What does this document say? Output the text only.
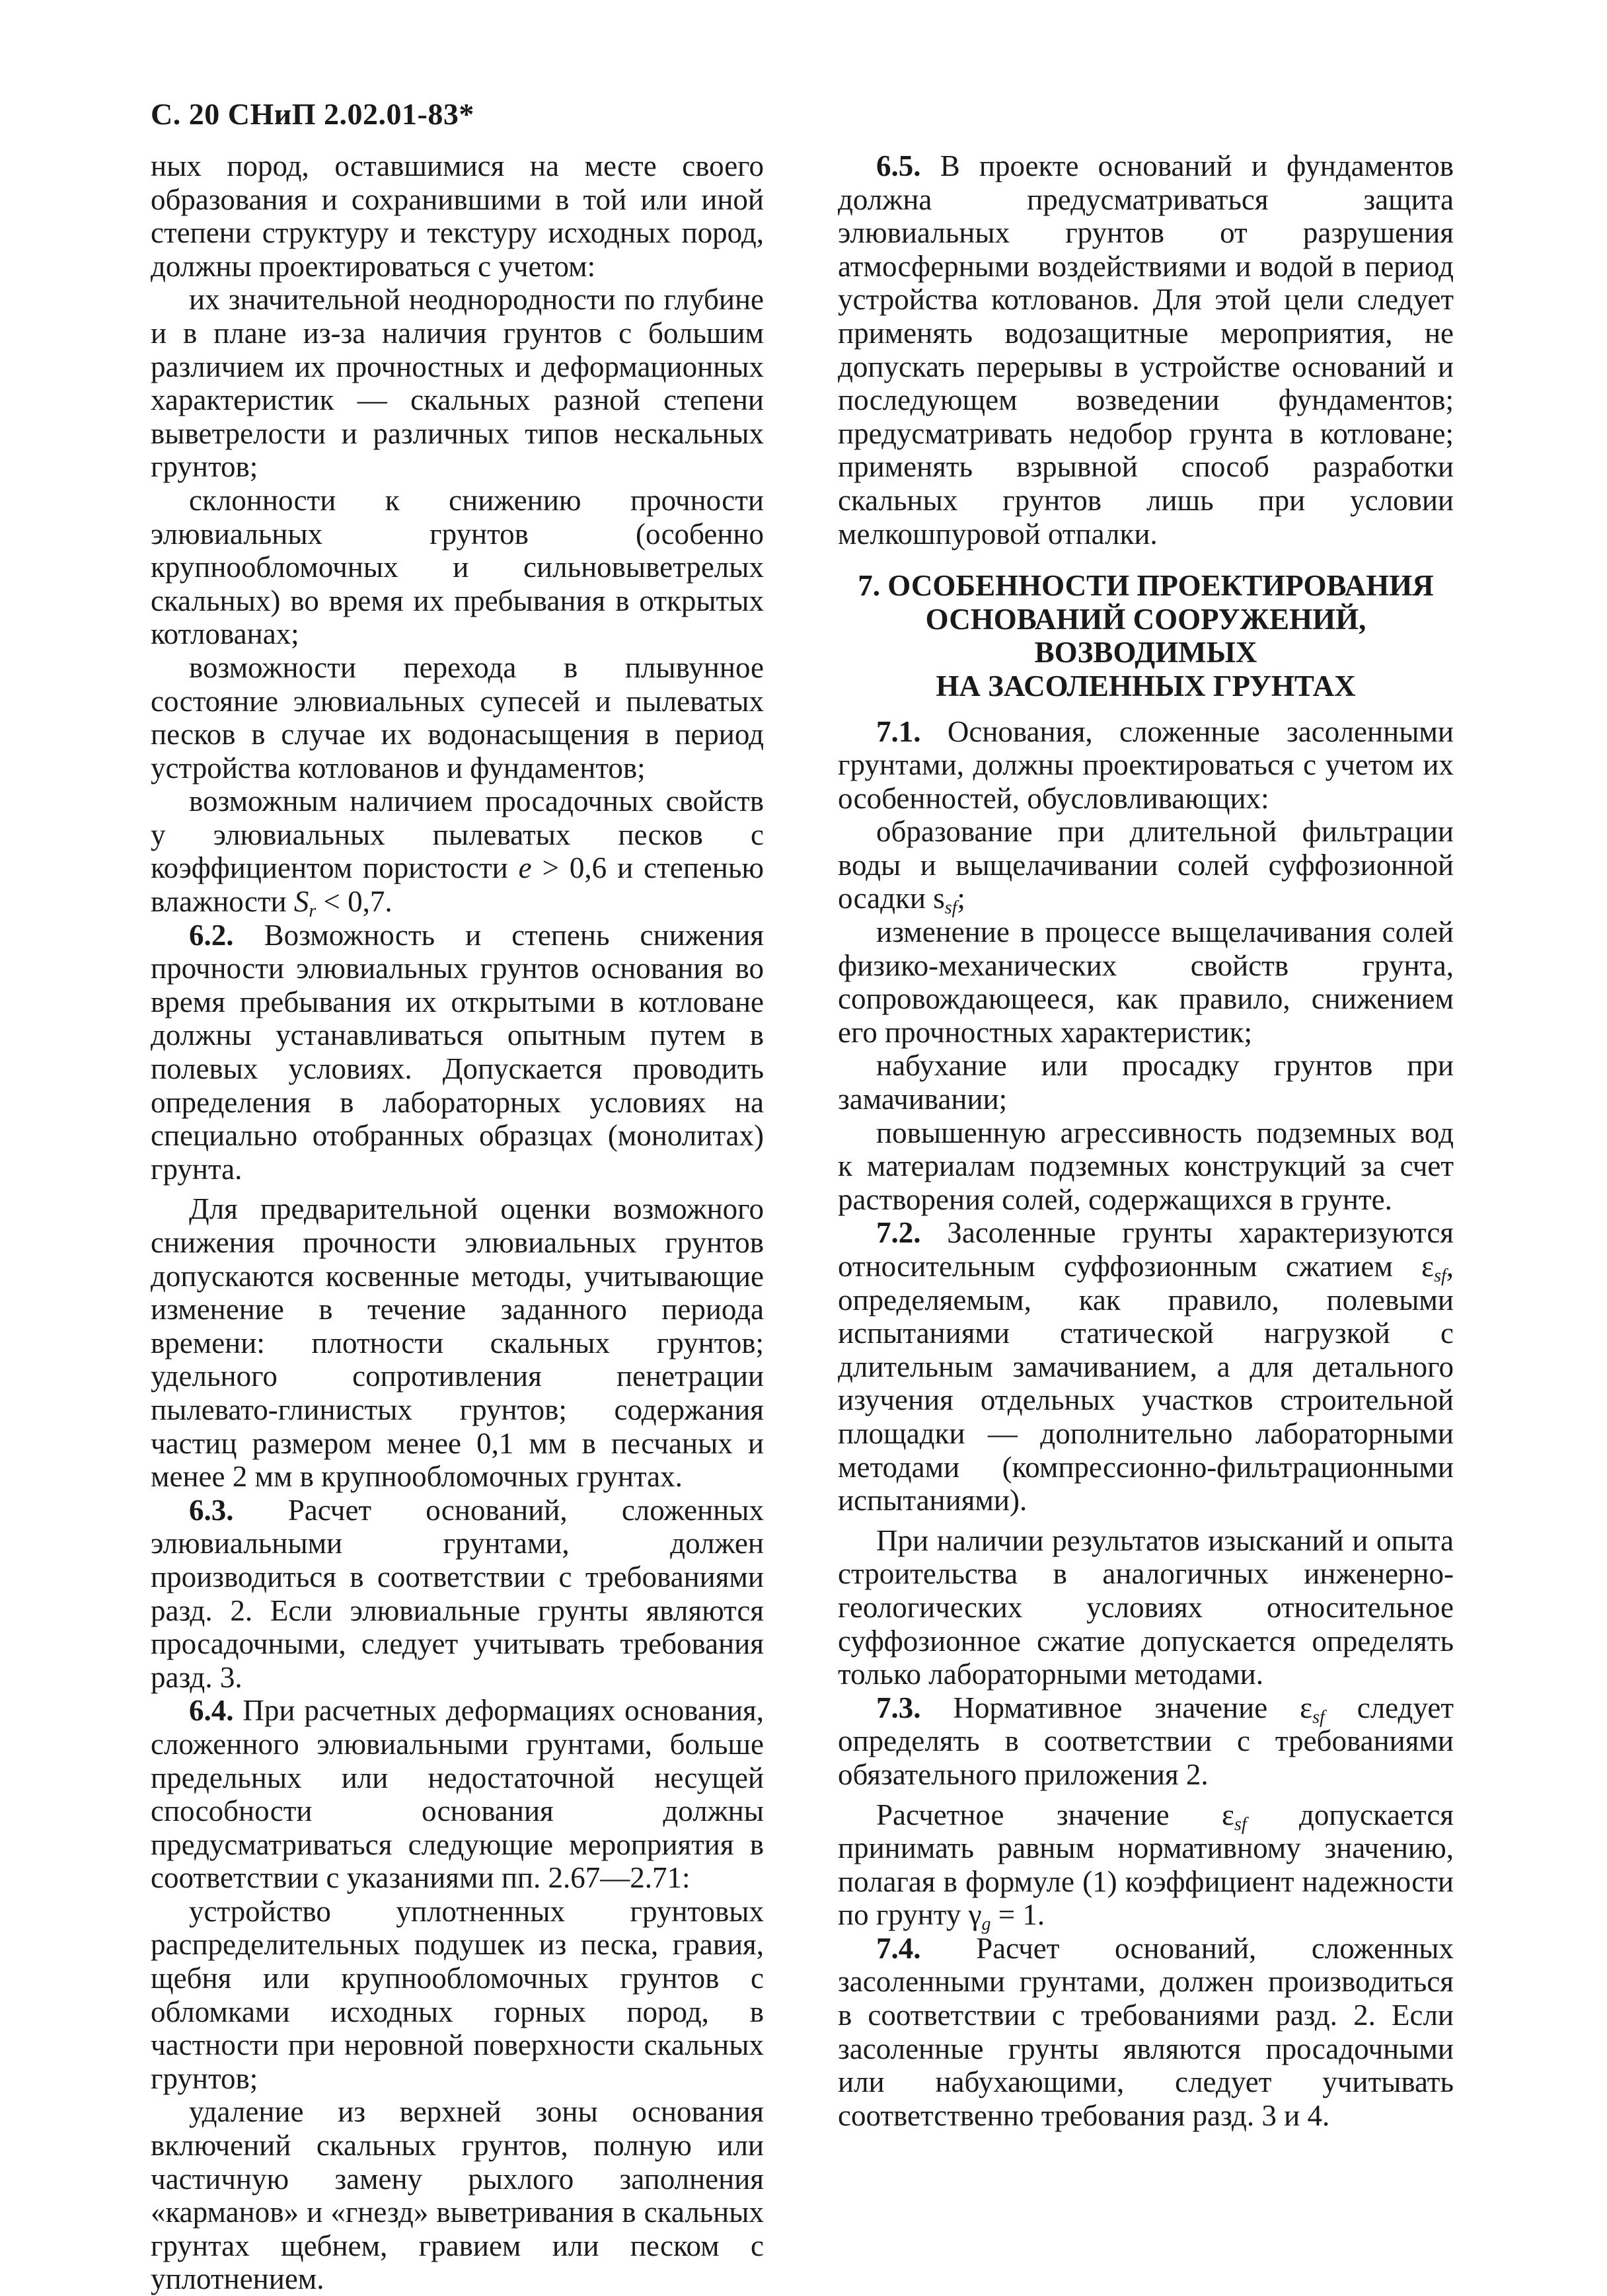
С. 20 СНиП 2.02.01-83*

ных пород, оставшимися на месте своего образования и сохранившими в той или иной степени структуру и текстуру исходных пород, должны проектироваться с учетом:

их значительной неоднородности по глубине и в плане из-за наличия грунтов с большим различием их прочностных и деформационных характеристик — скальных разной степени выветрелости и различных типов нескальных грунтов;

склонности к снижению прочности элювиальных грунтов (особенно крупнообломочных и сильновыветрелых скальных) во время их пребывания в открытых котлованах;

возможности перехода в плывунное состояние элювиальных супесей и пылеватых песков в случае их водонасыщения в период устройства котлованов и фундаментов;

возможным наличием просадочных свойств у элювиальных пылеватых песков с коэффициентом пористости e > 0,6 и степенью влажности $S_r < 0,7$.

6.2. Возможность и степень снижения прочности элювиальных грунтов основания во время пребывания их открытыми в котловане должны устанавливаться опытным путем в полевых условиях. Допускается проводить определения в лабораторных условиях на специально отобранных образцах (монолитах) грунта.

Для предварительной оценки возможного снижения прочности элювиальных грунтов допускаются косвенные методы, учитывающие изменение в течение заданного периода времени: плотности скальных грунтов; удельного сопротивления пенетрации пылевато-глинистых грунтов; содержания частиц размером менее 0,1 мм в песчаных и менее 2 мм в крупнообломочных грунтах.

6.3. Расчет оснований, сложенных элювиальными грунтами, должен производиться в соответствии с требованиями разд. 2. Если элювиальные грунты являются просадочными, следует учитывать требования разд. 3.

6.4. При расчетных деформациях основания, сложенного элювиальными грунтами, больше предельных или недостаточной несущей способности основания должны предусматриваться следующие мероприятия в соответствии с указаниями пп. 2.67—2.71:

устройство уплотненных грунтовых распределительных подушек из песка, гравия, щебня или крупнообломочных грунтов с обломками исходных горных пород, в частности при неровной поверхности скальных грунтов;

удаление из верхней зоны основания включений скальных грунтов, полную или частичную замену рыхлого заполнения «карманов» и «гнезд» выветривания в скальных грунтах щебнем, гравием или песком с уплотнением.

6.5. В проекте оснований и фундаментов должна предусматриваться защита элювиальных грунтов от разрушения атмосферными воздействиями и водой в период устройства котлованов. Для этой цели следует применять водозащитные мероприятия, не допускать перерывы в устройстве оснований и последующем возведении фундаментов; предусматривать недобор грунта в котловане; применять взрывной способ разработки скальных грунтов лишь при условии мелкошпуровой отпалки.

7. ОСОБЕННОСТИ ПРОЕКТИРОВАНИЯ
ОСНОВАНИЙ СООРУЖЕНИЙ,
ВОЗВОДИМЫХ
НА ЗАСОЛЕННЫХ ГРУНТАХ

7.1. Основания, сложенные засоленными грунтами, должны проектироваться с учетом их особенностей, обусловливающих:

образование при длительной фильтрации воды и выщелачивании солей суффозионной осадки $s_{sf}$;

изменение в процессе выщелачивания солей физико-механических свойств грунта, сопровождающееся, как правило, снижением его прочностных характеристик;

набухание или просадку грунтов при замачивании;

повышенную агрессивность подземных вод к материалам подземных конструкций за счет растворения солей, содержащихся в грунте.

7.2. Засоленные грунты характеризуются относительным суффозионным сжатием $\varepsilon_{sf}$, определяемым, как правило, полевыми испытаниями статической нагрузкой с длительным замачиванием, а для детального изучения отдельных участков строительной площадки — дополнительно лабораторными методами (компрессионно-фильтрационными испытаниями).

При наличии результатов изысканий и опыта строительства в аналогичных инженерно-геологических условиях относительное суффозионное сжатие допускается определять только лабораторными методами.

7.3. Нормативное значение $\varepsilon_{sf}$ следует определять в соответствии с требованиями обязательного приложения 2.

Расчетное значение $\varepsilon_{sf}$ допускается принимать равным нормативному значению, полагая в формуле (1) коэффициент надежности по грунту $\gamma_g = 1$.

7.4. Расчет оснований, сложенных засоленными грунтами, должен производиться в соответствии с требованиями разд. 2. Если засоленные грунты являются просадочными или набухающими, следует учитывать соответственно требования разд. 3 и 4.
